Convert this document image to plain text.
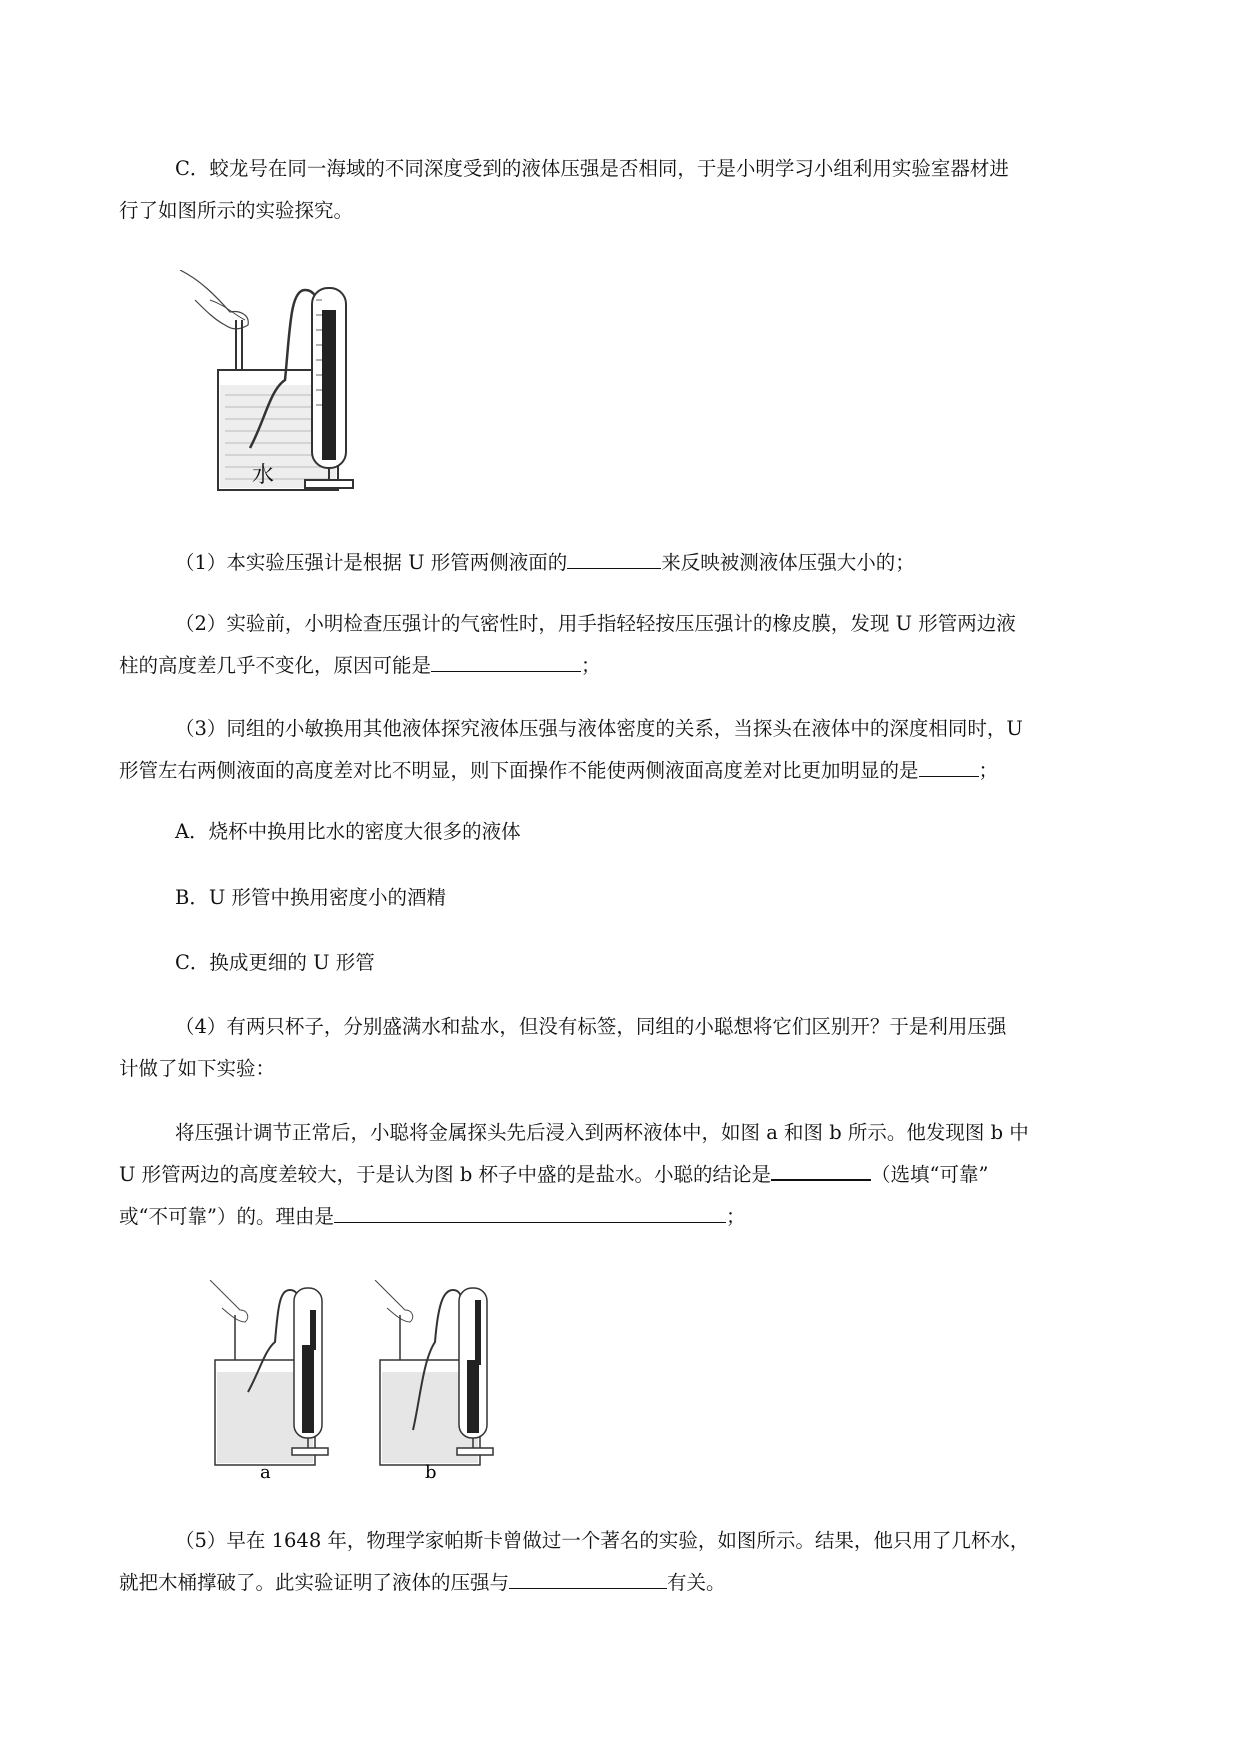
C．蛟龙号在同一海域的不同深度受到的液体压强是否相同，于是小明学习小组利用实验室器材进
行了如图所示的实验探究。

水

（1）本实验压强计是根据 U 形管两侧液面的	来反映被测液体压强大小的；

（2）实验前，小明检查压强计的气密性时，用手指轻轻按压压强计的橡皮膜，发现 U 形管两边液
柱的高度差几乎不变化，原因可能是	；

（3）同组的小敏换用其他液体探究液体压强与液体密度的关系，当探头在液体中的深度相同时，U
形管左右两侧液面的高度差对比不明显，则下面操作不能使两侧液面高度差对比更加明显的是	；

A．烧杯中换用比水的密度大很多的液体

B．U 形管中换用密度小的酒精

C．换成更细的 U 形管

（4）有两只杯子，分别盛满水和盐水，但没有标签，同组的小聪想将它们区别开？于是利用压强
计做了如下实验：

将压强计调节正常后，小聪将金属探头先后浸入到两杯液体中，如图 a 和图 b 所示。他发现图 b 中
U 形管两边的高度差较大，于是认为图 b 杯子中盛的是盐水。小聪的结论是	（选填“可靠”
或“不可靠”）的。理由是	；

a	b

（5）早在 1648 年，物理学家帕斯卡曾做过一个著名的实验，如图所示。结果，他只用了几杯水，
就把木桶撑破了。此实验证明了液体的压强与	有关。
